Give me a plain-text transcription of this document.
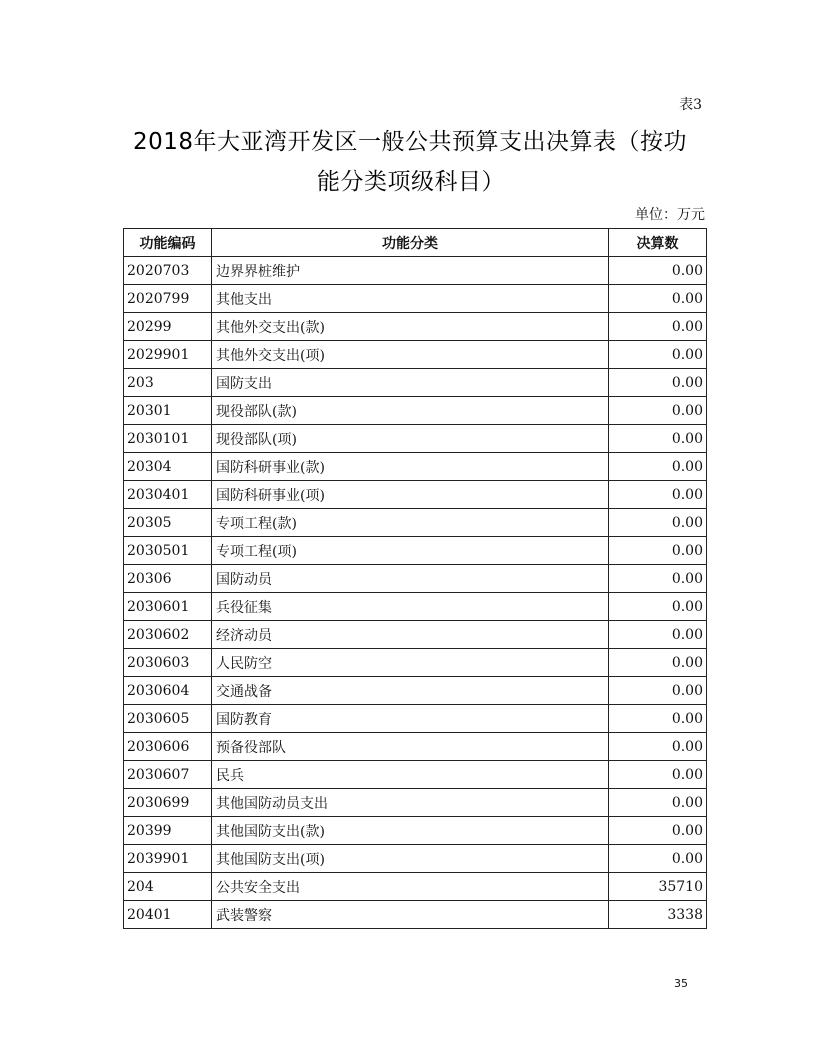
表3
2018年大亚湾开发区一般公共预算支出决算表（按功
能分类项级科目）
单位：万元
功能编码	功能分类	决算数
2020703	边界界桩维护	0.00
2020799	其他支出	0.00
20299	其他外交支出(款)	0.00
2029901	其他外交支出(项)	0.00
203	国防支出	0.00
20301	现役部队(款)	0.00
2030101	现役部队(项)	0.00
20304	国防科研事业(款)	0.00
2030401	国防科研事业(项)	0.00
20305	专项工程(款)	0.00
2030501	专项工程(项)	0.00
20306	国防动员	0.00
2030601	兵役征集	0.00
2030602	经济动员	0.00
2030603	人民防空	0.00
2030604	交通战备	0.00
2030605	国防教育	0.00
2030606	预备役部队	0.00
2030607	民兵	0.00
2030699	其他国防动员支出	0.00
20399	其他国防支出(款)	0.00
2039901	其他国防支出(项)	0.00
204	公共安全支出	35710
20401	武装警察	3338
35
